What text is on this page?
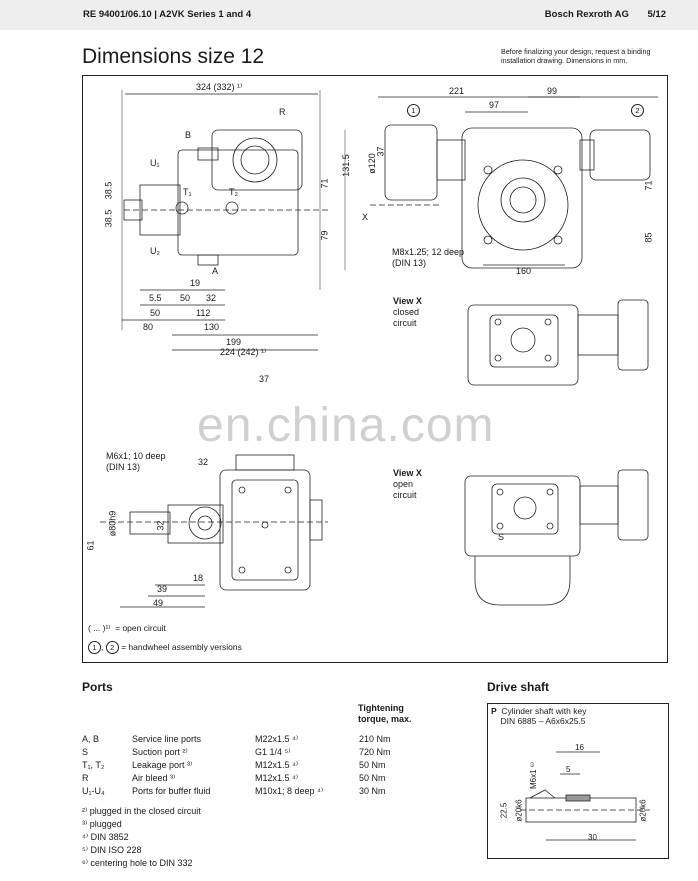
RE 94001/06.10 | A2VK Series 1 and 4	Bosch Rexroth AG 5/12
Dimensions size 12	Before finalizing your design, request a binding installation drawing. Dimensions in mm.
324 (332) ¹⁾	221
97
99
R
B
U₁
T₁	T₂
U₂
A
X
S
131.5
71
79
38.5
38.5
71
85
160
ø120
37
1	2
5.5
50
32
50
112
80	130
199
224 (242) ¹⁾
19
M8x1.25; 12 deep
(DIN 13)
View X
closed
circuit
View X
open
circuit
M6x1; 10 deep
(DIN 13)
37
32
ø80h9
61
32
39
18
49
( ... )¹⁾ = open circuit
1 , 2 = handwheel assembly versions
en.china.com
Ports
Tightening torque, max.
A, B	Service line ports	M22x1.5 ⁴⁾	210 Nm
S	Suction port ²⁾	G1 1/4 ⁵⁾	720 Nm
T₁, T₂	Leakage port ³⁾	M12x1.5 ⁴⁾	50 Nm
R	Air bleed ³⁾	M12x1.5 ⁴⁾	50 Nm
U₁-U₄	Ports for buffer fluid	M10x1; 8 deep ⁴⁾	30 Nm
²⁾ plugged in the closed circuit
³⁾ plugged
⁴⁾ DIN 3852
⁵⁾ DIN ISO 228
⁶⁾ centering hole to DIN 332
Drive shaft
P Cylinder shaft with key
DIN 6885 – A6x6x25.5
16
5
M6x1 ⁶⁾
22.5 ø20k6	ø20k6
30
